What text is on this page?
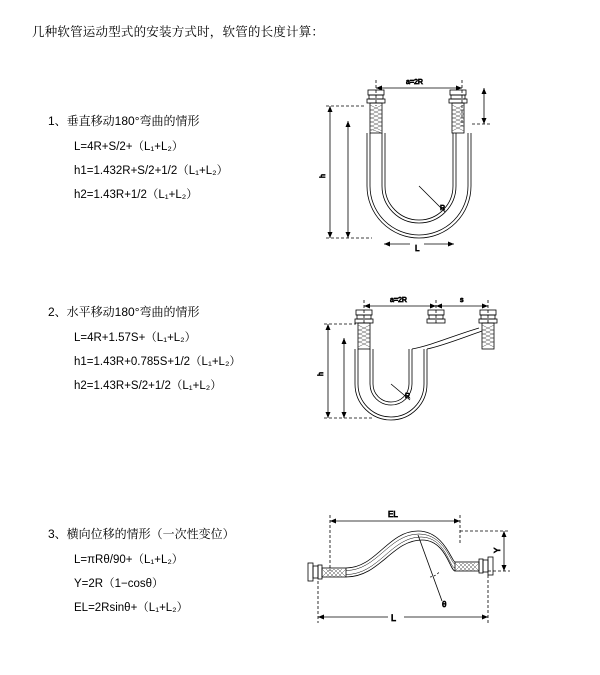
几种软管运动型式的安装方式时，软管的长度计算：
1、垂直移动180°弯曲的情形
L=4R+S/2+（L₁+L₂）
h1=1.432R+S/2+1/2（L₁+L₂）
h2=1.43R+1/2（L₁+L₂）
a=2R
h
R
L
2、水平移动180°弯曲的情形
L=4R+1.57S+（L₁+L₂）
h1=1.43R+0.785S+1/2（L₁+L₂）
h2=1.43R+S/2+1/2（L₁+L₂）
a=2R	s
h
R
3、横向位移的情形（一次性变位）
L=πRθ/90+（L₁+L₂）
Y=2R（1−cosθ）
EL=2Rsinθ+（L₁+L₂）
EL
θ
Y
L
